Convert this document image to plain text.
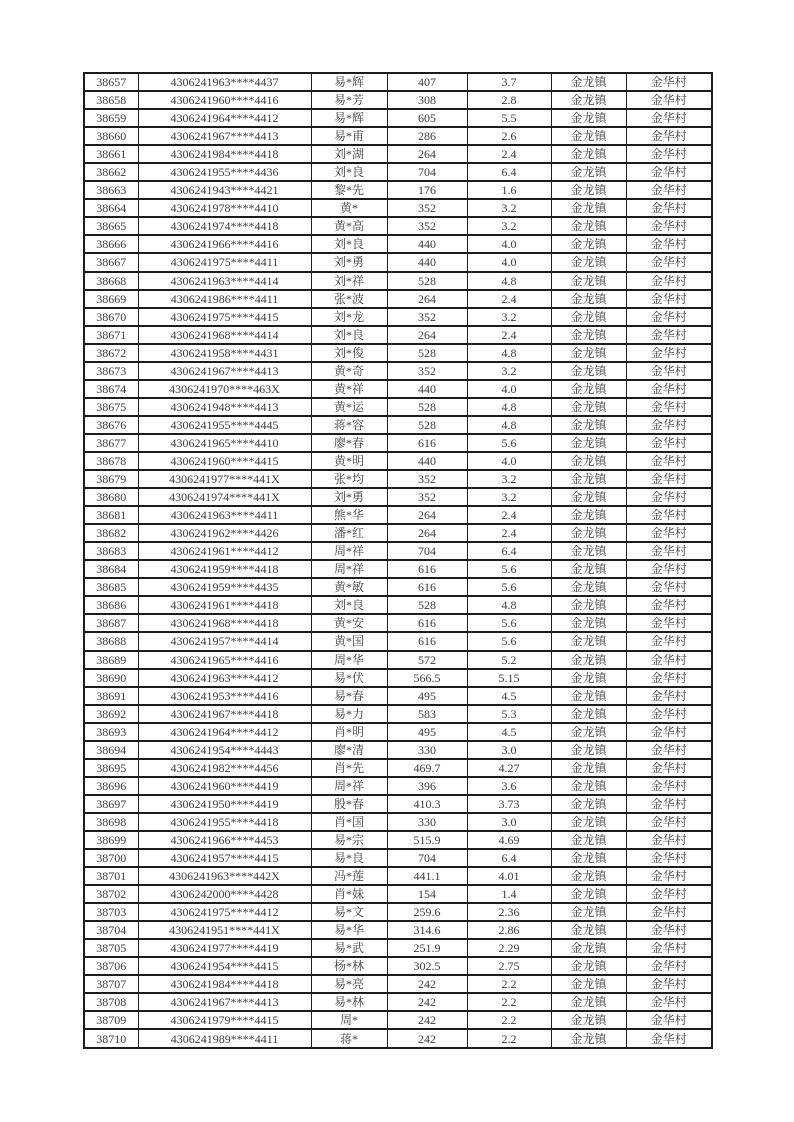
38657	4306241963****4437	易*辉	407	3.7	金龙镇	金华村
38658	4306241960****4416	易*芳	308	2.8	金龙镇	金华村
38659	4306241964****4412	易*辉	605	5.5	金龙镇	金华村
38660	4306241967****4413	易*甫	286	2.6	金龙镇	金华村
38661	4306241984****4418	刘*湖	264	2.4	金龙镇	金华村
38662	4306241955****4436	刘*良	704	6.4	金龙镇	金华村
38663	4306241943****4421	黎*先	176	1.6	金龙镇	金华村
38664	4306241978****4410	黄*	352	3.2	金龙镇	金华村
38665	4306241974****4418	黄*高	352	3.2	金龙镇	金华村
38666	4306241966****4416	刘*良	440	4.0	金龙镇	金华村
38667	4306241975****4411	刘*勇	440	4.0	金龙镇	金华村
38668	4306241963****4414	刘*祥	528	4.8	金龙镇	金华村
38669	4306241986****4411	张*波	264	2.4	金龙镇	金华村
38670	4306241975****4415	刘*龙	352	3.2	金龙镇	金华村
38671	4306241968****4414	刘*良	264	2.4	金龙镇	金华村
38672	4306241958****4431	刘*俊	528	4.8	金龙镇	金华村
38673	4306241967****4413	黄*奇	352	3.2	金龙镇	金华村
38674	4306241970****463X	黄*祥	440	4.0	金龙镇	金华村
38675	4306241948****4413	黄*运	528	4.8	金龙镇	金华村
38676	4306241955****4445	蒋*容	528	4.8	金龙镇	金华村
38677	4306241965****4410	廖*春	616	5.6	金龙镇	金华村
38678	4306241960****4415	黄*明	440	4.0	金龙镇	金华村
38679	4306241977****441X	张*均	352	3.2	金龙镇	金华村
38680	4306241974****441X	刘*勇	352	3.2	金龙镇	金华村
38681	4306241963****4411	熊*华	264	2.4	金龙镇	金华村
38682	4306241962****4426	潘*红	264	2.4	金龙镇	金华村
38683	4306241961****4412	周*祥	704	6.4	金龙镇	金华村
38684	4306241959****4418	周*祥	616	5.6	金龙镇	金华村
38685	4306241959****4435	黄*敏	616	5.6	金龙镇	金华村
38686	4306241961****4418	刘*良	528	4.8	金龙镇	金华村
38687	4306241968****4418	黄*安	616	5.6	金龙镇	金华村
38688	4306241957****4414	黄*国	616	5.6	金龙镇	金华村
38689	4306241965****4416	周*华	572	5.2	金龙镇	金华村
38690	4306241963****4412	易*伏	566.5	5.15	金龙镇	金华村
38691	4306241953****4416	易*春	495	4.5	金龙镇	金华村
38692	4306241967****4418	易*力	583	5.3	金龙镇	金华村
38693	4306241964****4412	肖*明	495	4.5	金龙镇	金华村
38694	4306241954****4443	廖*清	330	3.0	金龙镇	金华村
38695	4306241982****4456	肖*先	469.7	4.27	金龙镇	金华村
38696	4306241960****4419	周*祥	396	3.6	金龙镇	金华村
38697	4306241950****4419	殷*春	410.3	3.73	金龙镇	金华村
38698	4306241955****4418	肖*国	330	3.0	金龙镇	金华村
38699	4306241966****4453	易*宗	515.9	4.69	金龙镇	金华村
38700	4306241957****4415	易*良	704	6.4	金龙镇	金华村
38701	4306241963****442X	冯*莲	441.1	4.01	金龙镇	金华村
38702	4306242000****4428	肖*妹	154	1.4	金龙镇	金华村
38703	4306241975****4412	易*文	259.6	2.36	金龙镇	金华村
38704	4306241951****441X	易*华	314.6	2.86	金龙镇	金华村
38705	4306241977****4419	易*武	251.9	2.29	金龙镇	金华村
38706	4306241954****4415	杨*林	302.5	2.75	金龙镇	金华村
38707	4306241984****4418	易*亮	242	2.2	金龙镇	金华村
38708	4306241967****4413	易*林	242	2.2	金龙镇	金华村
38709	4306241979****4415	周*	242	2.2	金龙镇	金华村
38710	4306241989****4411	蒋*	242	2.2	金龙镇	金华村
